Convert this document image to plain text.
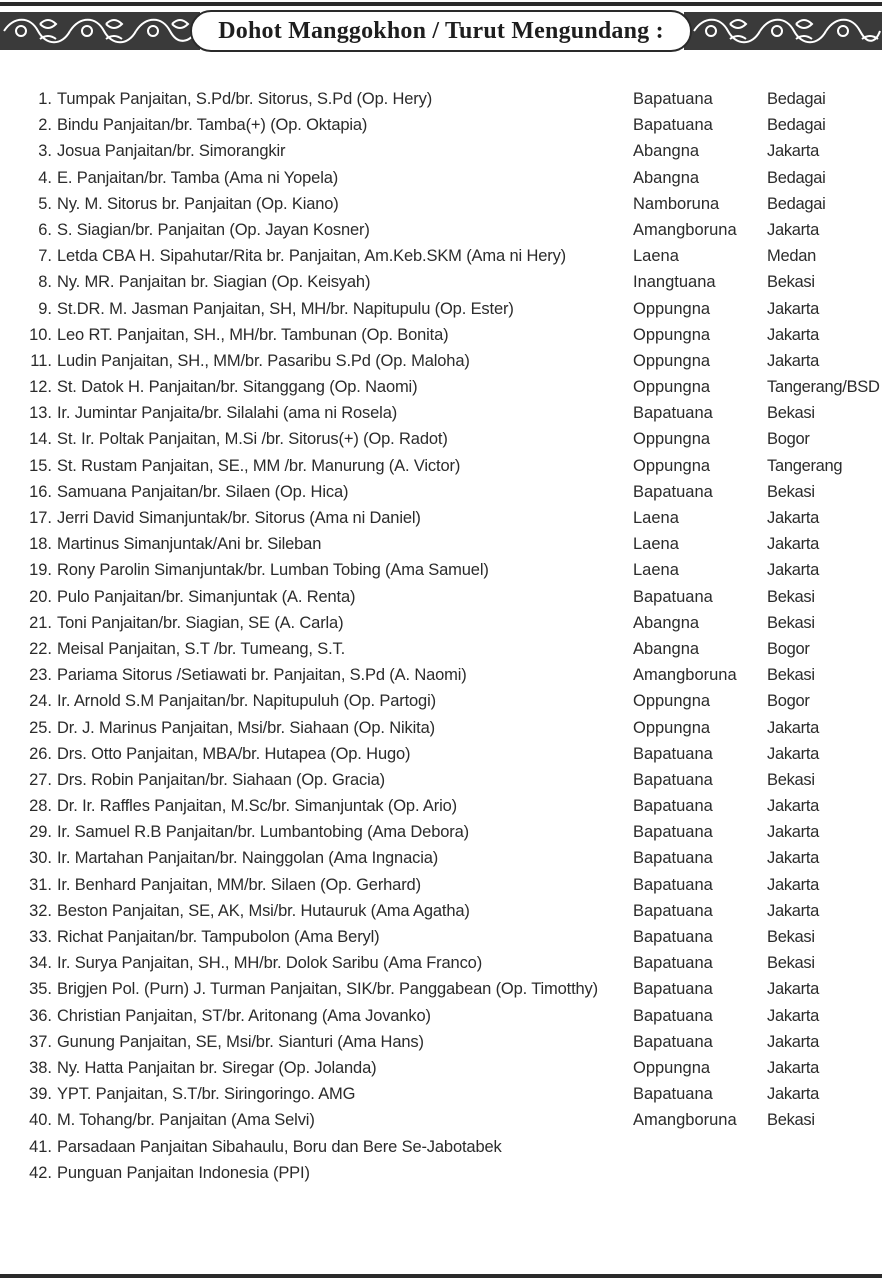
Dohot Manggokhon / Turut Mengundang :
1. Tumpak Panjaitan, S.Pd/br. Sitorus, S.Pd (Op. Hery)	Bapatuana	Bedagai
2. Bindu Panjaitan/br. Tamba(+) (Op. Oktapia)	Bapatuana	Bedagai
3. Josua Panjaitan/br. Simorangkir	Abangna	Jakarta
4. E. Panjaitan/br. Tamba (Ama ni Yopela)	Abangna	Bedagai
5. Ny. M. Sitorus br. Panjaitan (Op. Kiano)	Namboruna	Bedagai
6. S. Siagian/br. Panjaitan (Op. Jayan Kosner)	Amangboruna	Jakarta
7. Letda CBA H. Sipahutar/Rita br. Panjaitan, Am.Keb.SKM (Ama ni Hery)	Laena	Medan
8. Ny. MR. Panjaitan br. Siagian (Op. Keisyah)	Inangtuana	Bekasi
9. St.DR. M. Jasman Panjaitan, SH, MH/br. Napitupulu (Op. Ester)	Oppungna	Jakarta
10. Leo RT. Panjaitan, SH., MH/br. Tambunan (Op. Bonita)	Oppungna	Jakarta
11. Ludin Panjaitan, SH., MM/br. Pasaribu S.Pd (Op. Maloha)	Oppungna	Jakarta
12. St. Datok H. Panjaitan/br. Sitanggang (Op. Naomi)	Oppungna	Tangerang/BSD
13. Ir. Jumintar Panjaita/br. Silalahi (ama ni Rosela)	Bapatuana	Bekasi
14. St. Ir. Poltak Panjaitan, M.Si /br. Sitorus(+) (Op. Radot)	Oppungna	Bogor
15. St. Rustam Panjaitan, SE., MM /br. Manurung (A. Victor)	Oppungna	Tangerang
16. Samuana Panjaitan/br. Silaen (Op. Hica)	Bapatuana	Bekasi
17. Jerri David Simanjuntak/br. Sitorus (Ama ni Daniel)	Laena	Jakarta
18. Martinus Simanjuntak/Ani br. Sileban	Laena	Jakarta
19. Rony Parolin Simanjuntak/br. Lumban Tobing (Ama Samuel)	Laena	Jakarta
20. Pulo Panjaitan/br. Simanjuntak (A. Renta)	Bapatuana	Bekasi
21. Toni Panjaitan/br. Siagian, SE (A. Carla)	Abangna	Bekasi
22. Meisal Panjaitan, S.T /br. Tumeang, S.T.	Abangna	Bogor
23. Pariama Sitorus /Setiawati br. Panjaitan, S.Pd (A. Naomi)	Amangboruna	Bekasi
24. Ir. Arnold S.M Panjaitan/br. Napitupuluh (Op. Partogi)	Oppungna	Bogor
25. Dr. J. Marinus Panjaitan, Msi/br. Siahaan (Op. Nikita)	Oppungna	Jakarta
26. Drs. Otto Panjaitan, MBA/br. Hutapea (Op. Hugo)	Bapatuana	Jakarta
27. Drs. Robin Panjaitan/br. Siahaan (Op. Gracia)	Bapatuana	Bekasi
28. Dr. Ir. Raffles Panjaitan, M.Sc/br. Simanjuntak (Op. Ario)	Bapatuana	Jakarta
29. Ir. Samuel R.B Panjaitan/br. Lumbantobing (Ama Debora)	Bapatuana	Jakarta
30. Ir. Martahan Panjaitan/br. Nainggolan (Ama Ingnacia)	Bapatuana	Jakarta
31. Ir. Benhard Panjaitan, MM/br. Silaen (Op. Gerhard)	Bapatuana	Jakarta
32. Beston Panjaitan, SE, AK, Msi/br. Hutauruk (Ama Agatha)	Bapatuana	Jakarta
33. Richat Panjaitan/br. Tampubolon (Ama Beryl)	Bapatuana	Bekasi
34. Ir. Surya Panjaitan, SH., MH/br. Dolok Saribu (Ama Franco)	Bapatuana	Bekasi
35. Brigjen Pol. (Purn) J. Turman Panjaitan, SIK/br. Panggabean (Op. Timotthy)	Bapatuana	Jakarta
36. Christian Panjaitan, ST/br. Aritonang (Ama Jovanko)	Bapatuana	Jakarta
37. Gunung Panjaitan, SE, Msi/br. Sianturi (Ama Hans)	Bapatuana	Jakarta
38. Ny. Hatta Panjaitan br. Siregar (Op. Jolanda)	Oppungna	Jakarta
39. YPT. Panjaitan, S.T/br. Siringoringo. AMG	Bapatuana	Jakarta
40. M. Tohang/br. Panjaitan (Ama Selvi)	Amangboruna	Bekasi
41. Parsadaan Panjaitan Sibahaulu, Boru dan Bere Se-Jabotabek
42. Punguan Panjaitan Indonesia (PPI)
